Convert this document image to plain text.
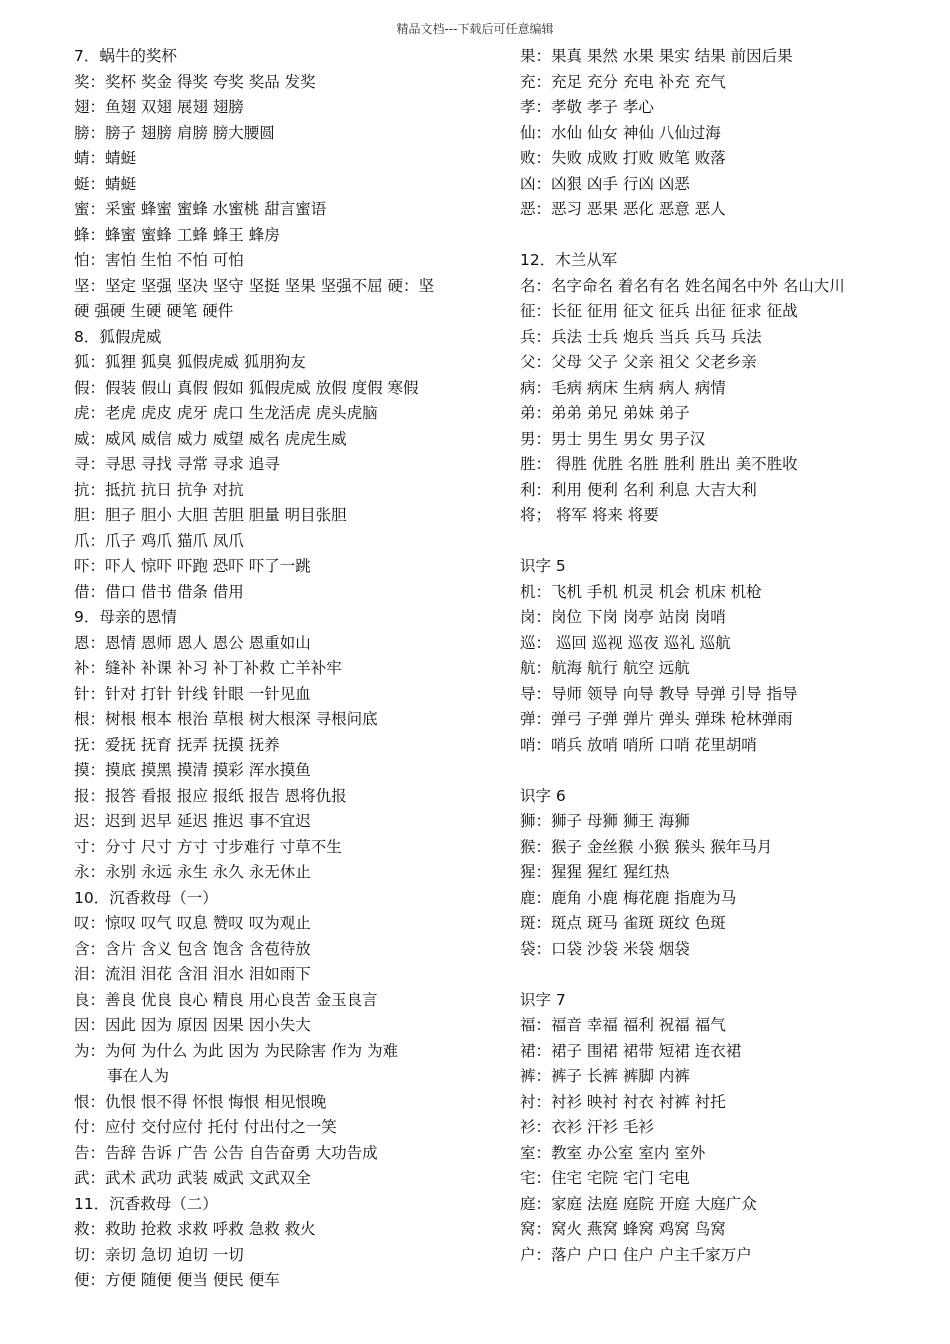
精品文档---下载后可任意编辑
7．蜗牛的奖杯
奖：奖杯 奖金 得奖 夸奖 奖品 发奖
翅：鱼翅 双翅 展翅 翅膀
膀：膀子 翅膀 肩膀 膀大腰圆
蜻：蜻蜓
蜓：蜻蜓
蜜：采蜜 蜂蜜 蜜蜂 水蜜桃 甜言蜜语
蜂：蜂蜜 蜜蜂 工蜂 蜂王 蜂房
怕：害怕 生怕 不怕 可怕
坚：坚定 坚强 坚决 坚守 坚挺 坚果 坚强不屈 硬：坚
硬 强硬 生硬 硬笔 硬件
8．狐假虎威
狐：狐狸 狐臭 狐假虎威 狐朋狗友
假：假装 假山 真假 假如 狐假虎威 放假 度假 寒假
虎：老虎 虎皮 虎牙 虎口 生龙活虎 虎头虎脑
威：威风 威信 威力 威望 威名 虎虎生威
寻：寻思 寻找 寻常 寻求 追寻
抗：抵抗 抗日 抗争 对抗
胆：胆子 胆小 大胆 苦胆 胆量 明目张胆
爪：爪子 鸡爪 猫爪 凤爪
吓：吓人 惊吓 吓跑 恐吓 吓了一跳
借：借口 借书 借条 借用
9．母亲的恩情
恩：恩情 恩师 恩人 恩公 恩重如山
补：缝补 补课 补习 补丁补救 亡羊补牢
针：针对 打针 针线 针眼 一针见血
根：树根 根本 根治 草根 树大根深 寻根问底
抚：爱抚 抚育 抚弄 抚摸 抚养
摸：摸底 摸黑 摸清 摸彩 浑水摸鱼
报：报答 看报 报应 报纸 报告 恩将仇报
迟：迟到 迟早 延迟 推迟 事不宜迟
寸：分寸 尺寸 方寸 寸步难行 寸草不生
永：永别 永远 永生 永久 永无休止
10．沉香救母（一）
叹：惊叹 叹气 叹息 赞叹 叹为观止
含：含片 含义 包含 饱含 含苞待放
泪：流泪 泪花 含泪 泪水 泪如雨下
良：善良 优良 良心 精良 用心良苦 金玉良言
因：因此 因为 原因 因果 因小失大
为：为何 为什么 为此 因为 为民除害 作为 为难
事在人为
恨：仇恨 恨不得 怀恨 悔恨 相见恨晚
付：应付 交付应付 托付 付出付之一笑
告：告辞 告诉 广告 公告 自告奋勇 大功告成
武：武术 武功 武装 威武 文武双全
11．沉香救母（二）
救：救助 抢救 求救 呼救 急救 救火
切：亲切 急切 迫切 一切
便：方便 随便 便当 便民 便车
果：果真 果然 水果 果实 结果 前因后果
充：充足 充分 充电 补充 充气
孝：孝敬 孝子 孝心
仙：水仙 仙女 神仙 八仙过海
败：失败 成败 打败 败笔 败落
凶：凶狠 凶手 行凶 凶恶
恶：恶习 恶果 恶化 恶意 恶人
12．木兰从军
名：名字命名 着名有名 姓名闻名中外 名山大川
征：长征 征用 征文 征兵 出征 征求 征战
兵：兵法 士兵 炮兵 当兵 兵马 兵法
父：父母 父子 父亲 祖父 父老乡亲
病：毛病 病床 生病 病人 病情
弟：弟弟 弟兄 弟妹 弟子
男：男士 男生 男女 男子汉
胜： 得胜 优胜 名胜 胜利 胜出 美不胜收
利：利用 便利 名利 利息 大吉大利
将； 将军 将来 将要
识字 5
机：飞机 手机 机灵 机会 机床 机枪
岗：岗位 下岗 岗亭 站岗 岗哨
巡： 巡回 巡视 巡夜 巡礼 巡航
航：航海 航行 航空 远航
导：导师 领导 向导 教导 导弹 引导 指导
弹：弹弓 子弹 弹片 弹头 弹珠 枪林弹雨
哨：哨兵 放哨 哨所 口哨 花里胡哨
识字 6
狮：狮子 母狮 狮王 海狮
猴：猴子 金丝猴 小猴 猴头 猴年马月
猩：猩猩 猩红 猩红热
鹿：鹿角 小鹿 梅花鹿 指鹿为马
斑：斑点 斑马 雀斑 斑纹 色斑
袋：口袋 沙袋 米袋 烟袋
识字 7
福：福音 幸福 福利 祝福 福气
裙：裙子 围裙 裙带 短裙 连衣裙
裤：裤子 长裤 裤脚 内裤
衬：衬衫 映衬 衬衣 衬裤 衬托
衫：衣衫 汗衫 毛衫
室：教室 办公室 室内 室外
宅：住宅 宅院 宅门 宅电
庭：家庭 法庭 庭院 开庭 大庭广众
窝：窝火 燕窝 蜂窝 鸡窝 鸟窝
户：落户 户口 住户 户主千家万户
